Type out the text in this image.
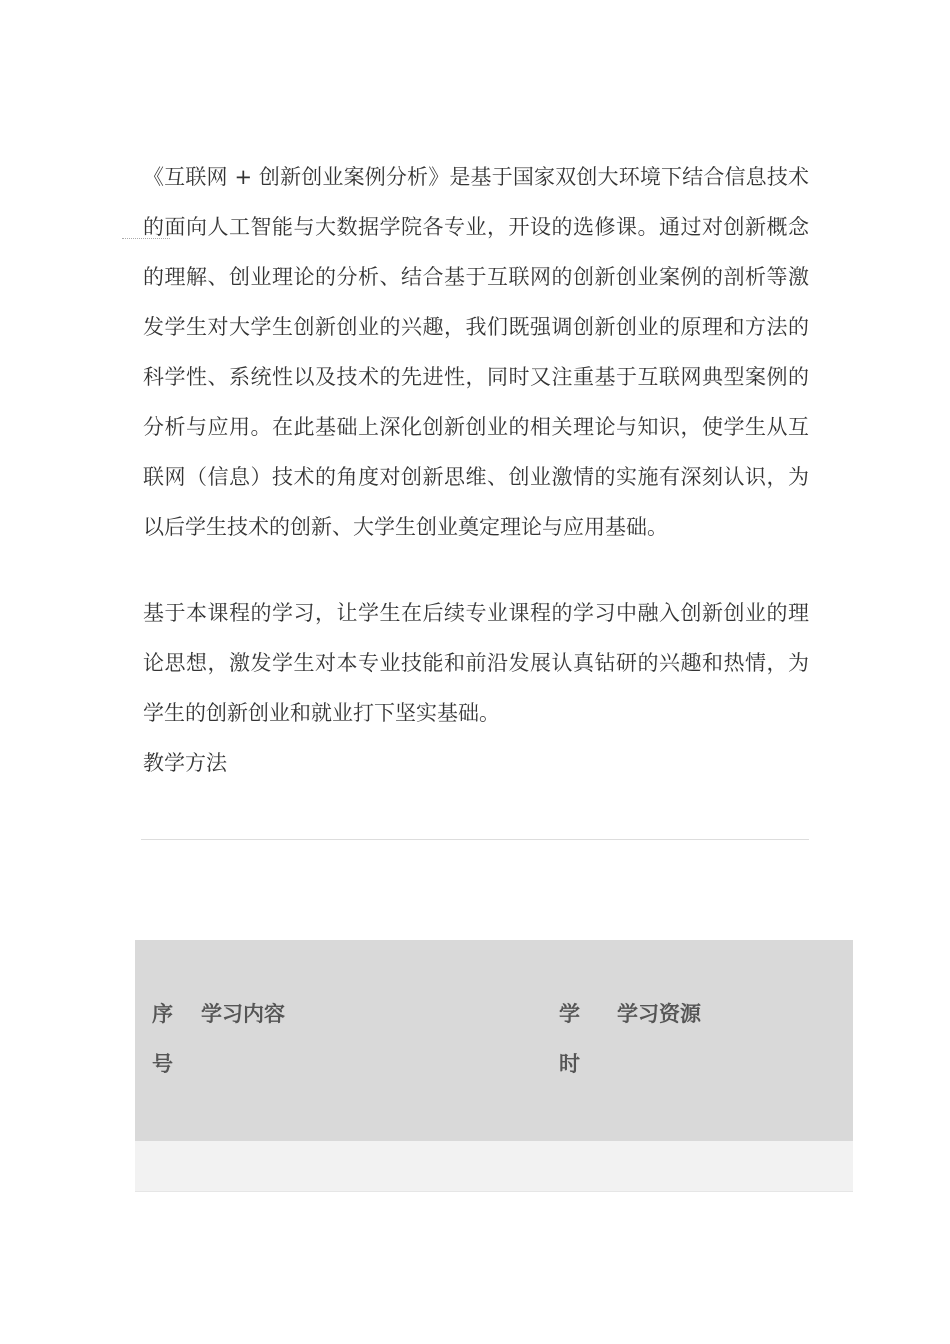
《互联网 + 创新创业案例分析》是基于国家双创大环境下结合信息技术的面向人工智能与大数据学院各专业，开设的选修课。通过对创新概念的理解、创业理论的分析、结合基于互联网的创新创业案例的剖析等激发学生对大学生创新创业的兴趣，我们既强调创新创业的原理和方法的科学性、系统性以及技术的先进性，同时又注重基于互联网典型案例的分析与应用。在此基础上深化创新创业的相关理论与知识，使学生从互联网（信息）技术的角度对创新思维、创业激情的实施有深刻认识，为以后学生技术的创新、大学生创业奠定理论与应用基础。

基于本课程的学习，让学生在后续专业课程的学习中融入创新创业的理论思想，激发学生对本专业技能和前沿发展认真钻研的兴趣和热情，为学生的创新创业和就业打下坚实基础。

教学方法

序号
学习内容	学时
学习资源
